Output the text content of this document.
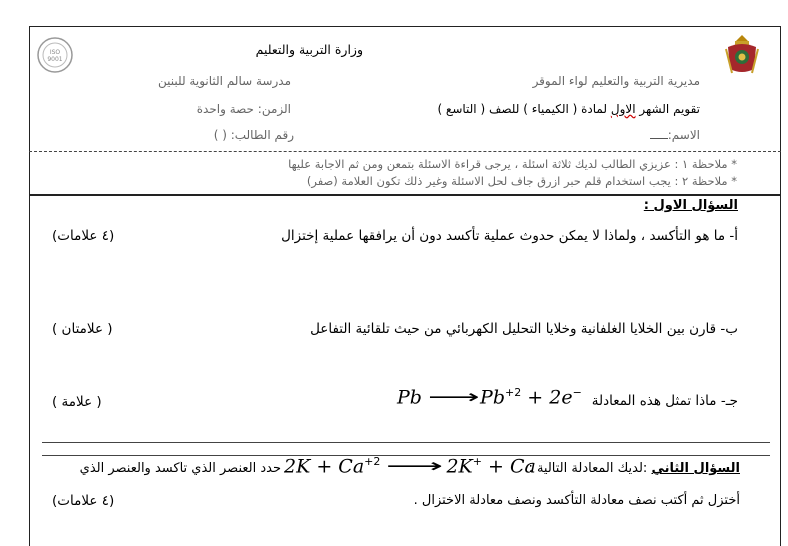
ISO
9001
وزارة التربية والتعليم
مديرية التربية والتعليم لواء الموقر
مدرسة سالم الثانوية للبنين
تقويم الشهر الاول لمادة ( الكيمياء ) للصف ( التاسع )
الزمن: حصة واحدة
الاسم:
رقم الطالب: ( )
* ملاحظة ١ : عزيزي الطالب لديك ثلاثة اسئلة ، يرجى قراءة الاسئلة بتمعن ومن ثم الاجابة عليها
* ملاحظة ٢ : يجب استخدام قلم حبر ازرق جاف لحل الاسئلة وغير ذلك تكون العلامة (صفر)
السؤال الاول :
أ- ما هو التأكسد ، ولماذا لا يمكن حدوث عملية تأكسد دون أن يرافقها عملية إختزال
(٤ علامات)
ب- قارن بين الخلايا الغلفانية وخلايا التحليل الكهربائي من حيث تلقائية التفاعل
( علامتان )
جـ- ماذا تمثل هذه المعادلة
Pb ⟶ $Pb^{+2} + 2e^-$
( علامة )
السؤال الثاني :لديك المعادلة التالية :
$2K + Ca^{+2}$ ⟶ 2K+ + Ca
حدد العنصر الذي تأكسد والعنصر الذي
أختزل ثم أكتب نصف معادلة التأكسد ونصف معادلة الاختزال .
(٤ علامات)
